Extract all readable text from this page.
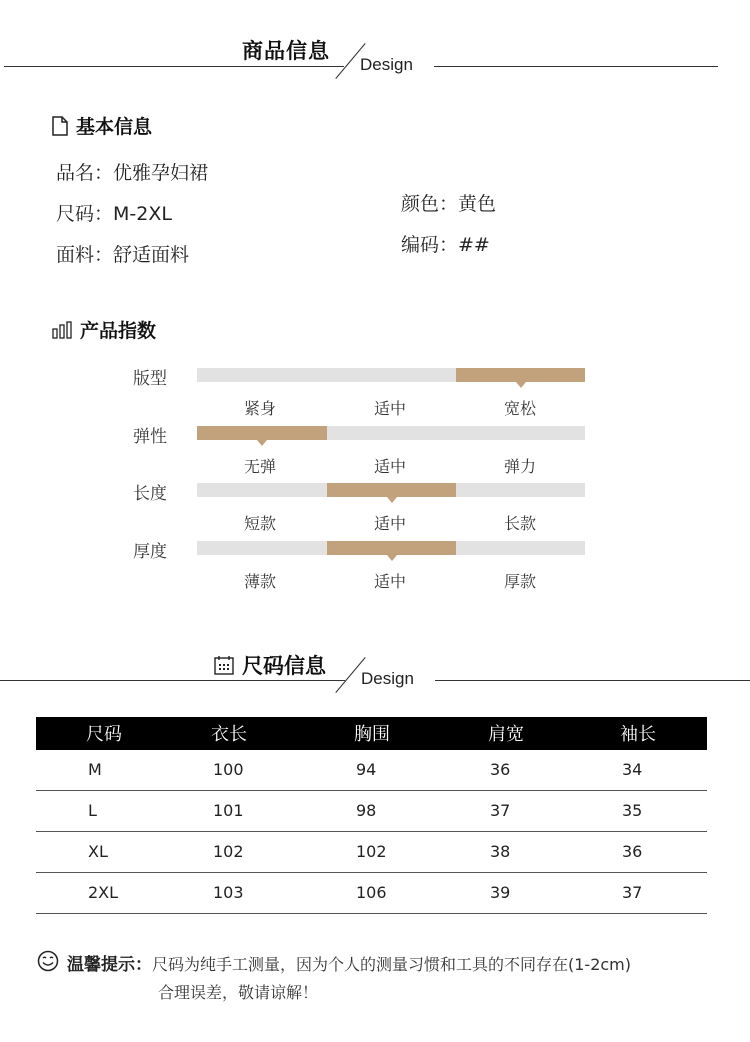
商品信息
Design
基本信息
品名：优雅孕妇裙
尺码：M-2XL
面料：舒适面料
颜色：黄色
编码：##
产品指数
版型
紧身	适中	宽松
弹性
无弹	适中	弹力
长度
短款	适中	长款
厚度
薄款	适中	厚款
尺码信息
Design
尺码	衣长	胸围	肩宽	袖长
M	100	94	36	34
L	101	98	37	35
XL	102	102	38	36
2XL	103	106	39	37
温馨提示：尺码为纯手工测量，因为个人的测量习惯和工具的不同存在(1-2cm)
合理误差，敬请谅解！
